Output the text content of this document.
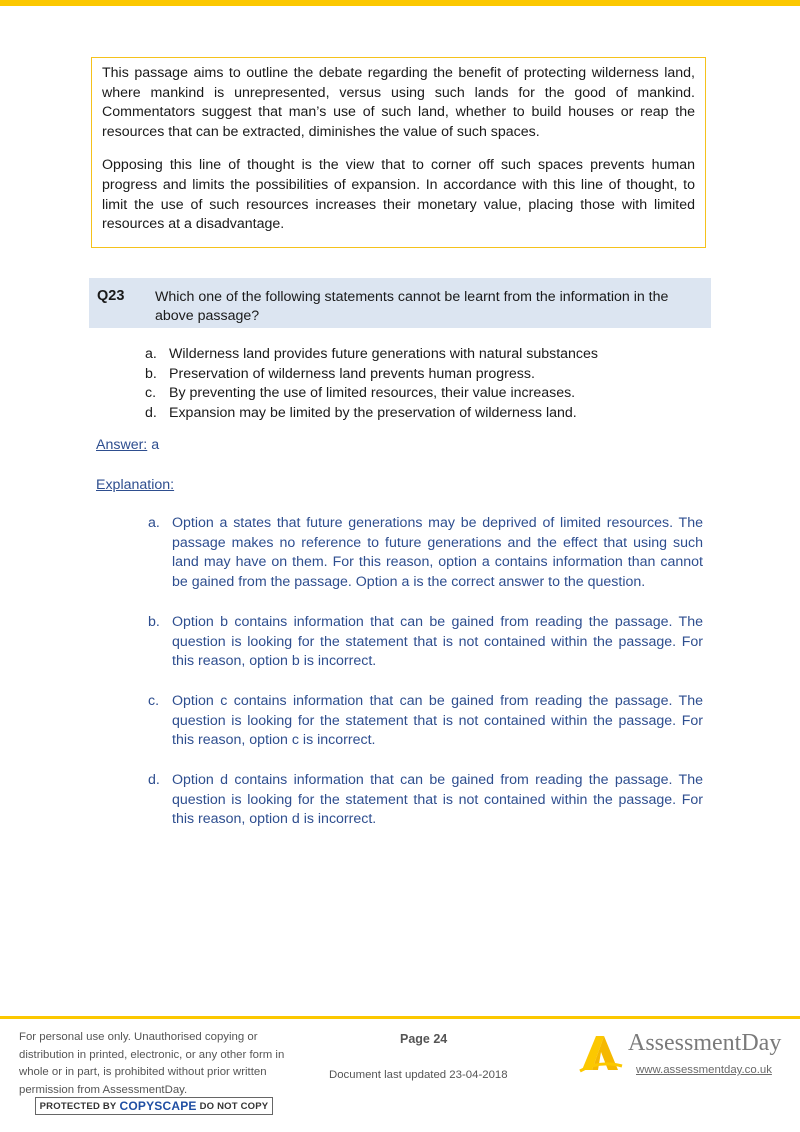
This passage aims to outline the debate regarding the benefit of protecting wilderness land, where mankind is unrepresented, versus using such lands for the good of mankind. Commentators suggest that man’s use of such land, whether to build houses or reap the resources that can be extracted, diminishes the value of such spaces.

Opposing this line of thought is the view that to corner off such spaces prevents human progress and limits the possibilities of expansion. In accordance with this line of thought, to limit the use of such resources increases their monetary value, placing those with limited resources at a disadvantage.

Q23 Which one of the following statements cannot be learnt from the information in the above passage?
a. Wilderness land provides future generations with natural substances
b. Preservation of wilderness land prevents human progress.
c. By preventing the use of limited resources, their value increases.
d. Expansion may be limited by the preservation of wilderness land.
Answer: a
Explanation:
a. Option a states that future generations may be deprived of limited resources. The passage makes no reference to future generations and the effect that using such land may have on them. For this reason, option a contains information than cannot be gained from the passage. Option a is the correct answer to the question.
b. Option b contains information that can be gained from reading the passage. The question is looking for the statement that is not contained within the passage. For this reason, option b is incorrect.
c. Option c contains information that can be gained from reading the passage. The question is looking for the statement that is not contained within the passage. For this reason, option c is incorrect.
d. Option d contains information that can be gained from reading the passage. The question is looking for the statement that is not contained within the passage. For this reason, option d is incorrect.
For personal use only. Unauthorised copying or distribution in printed, electronic, or any other form in whole or in part, is prohibited without prior written permission from AssessmentDay.
PROTECTED BY COPYSCAPE DO NOT COPY
Page 24
Document last updated 23-04-2018
AssessmentDay
www.assessmentday.co.uk
